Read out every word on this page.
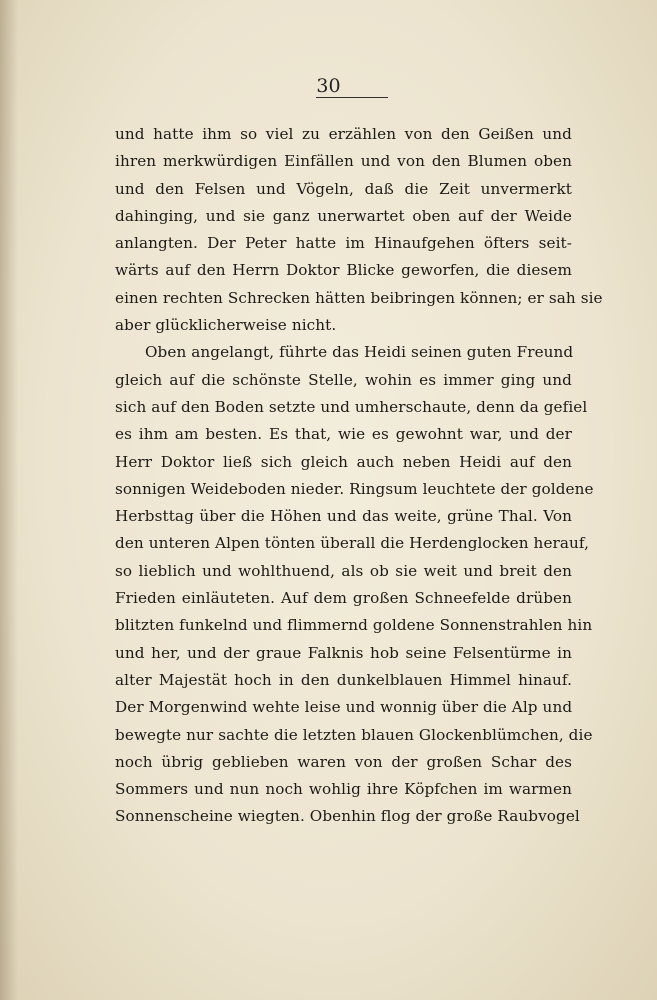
30
und hatte ihm so viel zu erzählen von den Geißen und
ihren merkwürdigen Einfällen und von den Blumen oben
und den Felsen und Vögeln, daß die Zeit unvermerkt
dahinging, und sie ganz unerwartet oben auf der Weide
anlangten. Der Peter hatte im Hinaufgehen öfters seit-
wärts auf den Herrn Doktor Blicke geworfen, die diesem
einen rechten Schrecken hätten beibringen können; er sah sie
aber glücklicherweise nicht.
Oben angelangt, führte das Heidi seinen guten Freund
gleich auf die schönste Stelle, wohin es immer ging und
sich auf den Boden setzte und umherschaute, denn da gefiel
es ihm am besten. Es that, wie es gewohnt war, und der
Herr Doktor ließ sich gleich auch neben Heidi auf den
sonnigen Weideboden nieder. Ringsum leuchtete der goldene
Herbsttag über die Höhen und das weite, grüne Thal. Von
den unteren Alpen tönten überall die Herdenglocken herauf,
so lieblich und wohlthuend, als ob sie weit und breit den
Frieden einläuteten. Auf dem großen Schneefelde drüben
blitzten funkelnd und flimmernd goldene Sonnenstrahlen hin
und her, und der graue Falknis hob seine Felsentürme in
alter Majestät hoch in den dunkelblauen Himmel hinauf.
Der Morgenwind wehte leise und wonnig über die Alp und
bewegte nur sachte die letzten blauen Glockenblümchen, die
noch übrig geblieben waren von der großen Schar des
Sommers und nun noch wohlig ihre Köpfchen im warmen
Sonnenscheine wiegten. Obenhin flog der große Raubvogel
